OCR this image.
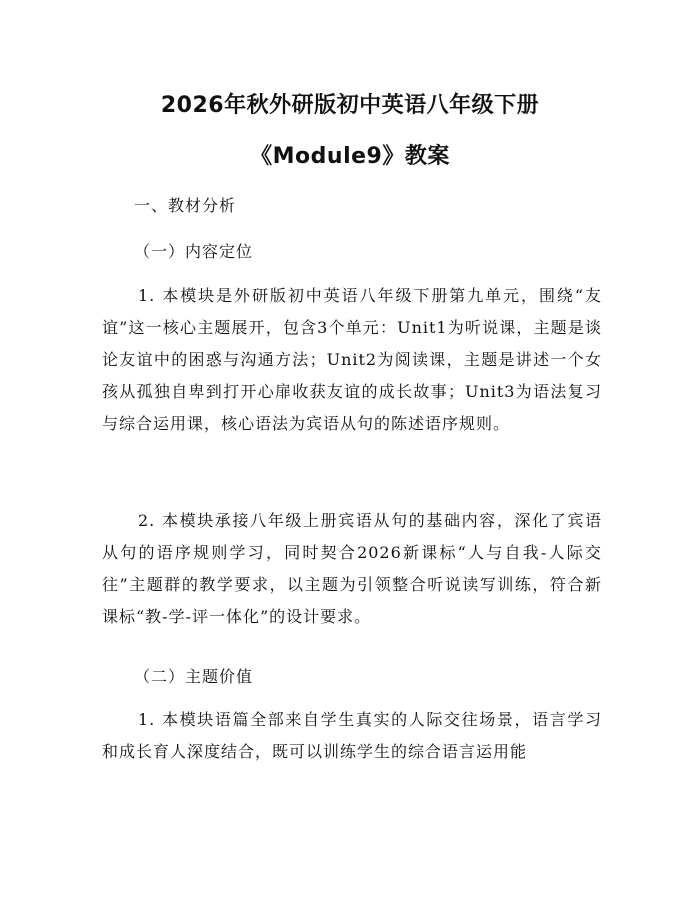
2026年秋外研版初中英语八年级下册
《Module9》教案
一、教材分析
（一）内容定位

1. 本模块是外研版初中英语八年级下册第九单元，围绕“友谊”这一核心主题展开，包含3个单元：Unit1为听说课，主题是谈论友谊中的困惑与沟通方法；Unit2为阅读课，主题是讲述一个女孩从孤独自卑到打开心扉收获友谊的成长故事；Unit3为语法复习与综合运用课，核心语法为宾语从句的陈述语序规则。

2. 本模块承接八年级上册宾语从句的基础内容，深化了宾语从句的语序规则学习，同时契合2026新课标“人与自我-人际交往”主题群的教学要求，以主题为引领整合听说读写训练，符合新课标“教-学-评一体化”的设计要求。

（二）主题价值

1. 本模块语篇全部来自学生真实的人际交往场景，语言学习和成长育人深度结合，既可以训练学生的综合语言运用能
